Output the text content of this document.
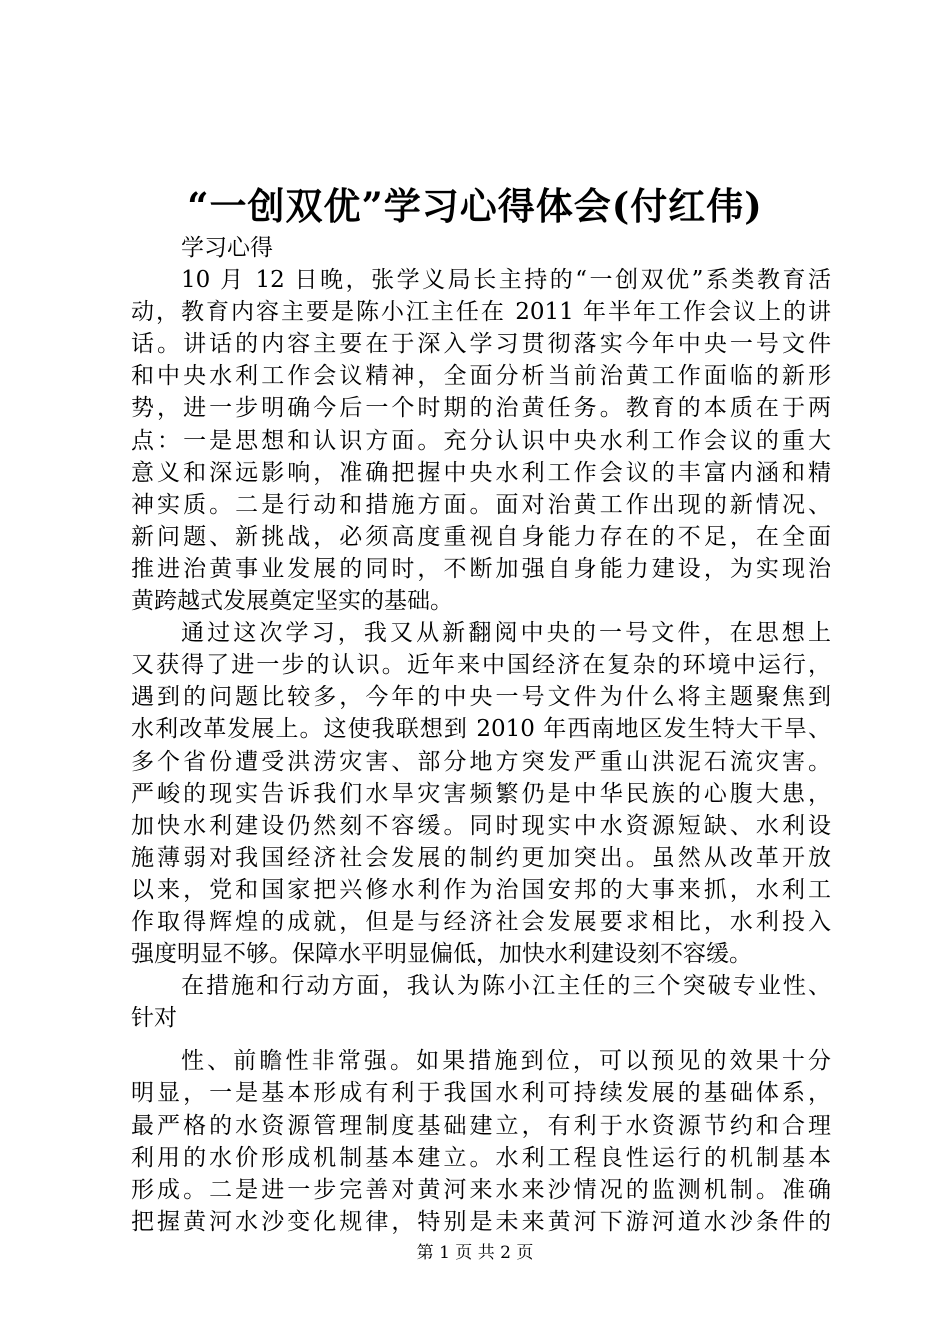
“一创双优”学习心得体会(付红伟)
学习心得
10 月 12 日晚，张学义局长主持的“一创双优”系类教育活
动，教育内容主要是陈小江主任在 2011 年半年工作会议上的讲
话。讲话的内容主要在于深入学习贯彻落实今年中央一号文件
和中央水利工作会议精神，全面分析当前治黄工作面临的新形
势，进一步明确今后一个时期的治黄任务。教育的本质在于两
点：一是思想和认识方面。充分认识中央水利工作会议的重大
意义和深远影响，准确把握中央水利工作会议的丰富内涵和精
神实质。二是行动和措施方面。面对治黄工作出现的新情况、
新问题、新挑战，必须高度重视自身能力存在的不足，在全面
推进治黄事业发展的同时，不断加强自身能力建设，为实现治
黄跨越式发展奠定坚实的基础。
通过这次学习，我又从新翻阅中央的一号文件，在思想上
又获得了进一步的认识。近年来中国经济在复杂的环境中运行，
遇到的问题比较多，今年的中央一号文件为什么将主题聚焦到
水利改革发展上。这使我联想到 2010 年西南地区发生特大干旱、
多个省份遭受洪涝灾害、部分地方突发严重山洪泥石流灾害。
严峻的现实告诉我们水旱灾害频繁仍是中华民族的心腹大患，
加快水利建设仍然刻不容缓。同时现实中水资源短缺、水利设
施薄弱对我国经济社会发展的制约更加突出。虽然从改革开放
以来，党和国家把兴修水利作为治国安邦的大事来抓，水利工
作取得辉煌的成就，但是与经济社会发展要求相比，水利投入
强度明显不够。保障水平明显偏低，加快水利建设刻不容缓。
在措施和行动方面，我认为陈小江主任的三个突破专业性、
针对
性、前瞻性非常强。如果措施到位，可以预见的效果十分
明显，一是基本形成有利于我国水利可持续发展的基础体系，
最严格的水资源管理制度基础建立，有利于水资源节约和合理
利用的水价形成机制基本建立。水利工程良性运行的机制基本
形成。二是进一步完善对黄河来水来沙情况的监测机制。准确
把握黄河水沙变化规律，特别是未来黄河下游河道水沙条件的
第 1 页 共 2 页
